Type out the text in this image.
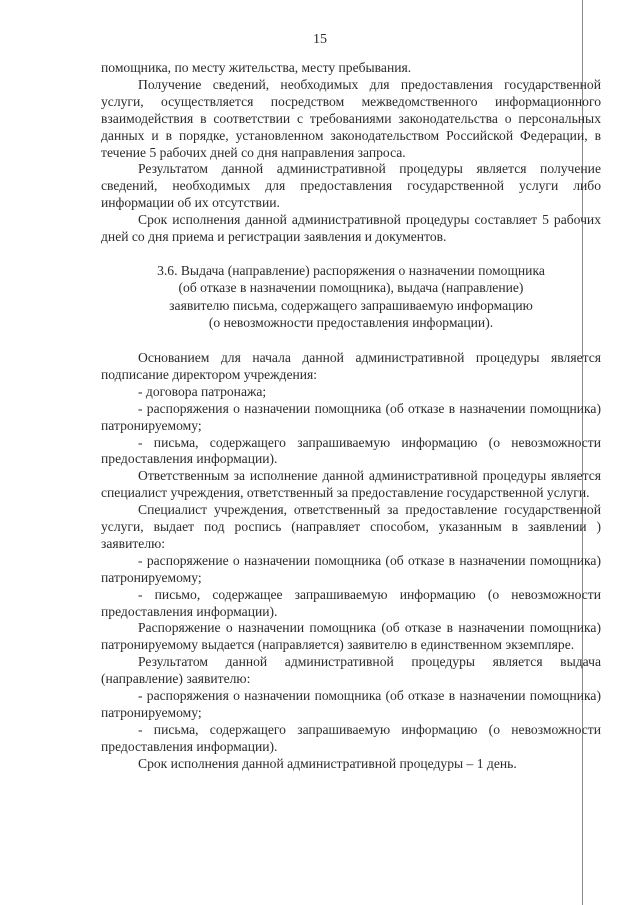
15

помощника, по месту жительства, месту пребывания.

Получение сведений, необходимых для предоставления государственной услуги, осуществляется посредством межведомственного информационного взаимодействия в соответствии с требованиями законодательства о персональных данных и в порядке, установленном законодательством Российской Федерации, в течение 5 рабочих дней со дня направления запроса.

Результатом данной административной процедуры является получение сведений, необходимых для предоставления государственной услуги либо информации об их отсутствии.

Срок исполнения данной административной процедуры составляет 5 рабочих дней со дня приема и регистрации заявления и документов.

3.6. Выдача (направление) распоряжения о назначении помощника
(об отказе в назначении помощника), выдача (направление)
заявителю письма, содержащего запрашиваемую информацию
(о невозможности предоставления информации).

Основанием для начала данной административной процедуры является подписание директором учреждения:

- договора патронажа;

- распоряжения о назначении помощника (об отказе в назначении помощника) патронируемому;

- письма, содержащего запрашиваемую информацию (о невозможности предоставления информации).

Ответственным за исполнение данной административной процедуры является специалист учреждения, ответственный за предоставление государственной услуги.

Специалист учреждения, ответственный за предоставление государственной услуги, выдает под роспись (направляет способом, указанным в заявлении ) заявителю:

- распоряжение о назначении помощника (об отказе в назначении помощника) патронируемому;

- письмо, содержащее запрашиваемую информацию (о невозможности предоставления информации).

Распоряжение о назначении помощника (об отказе в назначении помощника) патронируемому выдается (направляется) заявителю в единственном экземпляре.

Результатом данной административной процедуры является выдача (направление) заявителю:

- распоряжения о назначении помощника (об отказе в назначении помощника) патронируемому;

- письма, содержащего запрашиваемую информацию (о невозможности предоставления информации).

Срок исполнения данной административной процедуры – 1 день.
